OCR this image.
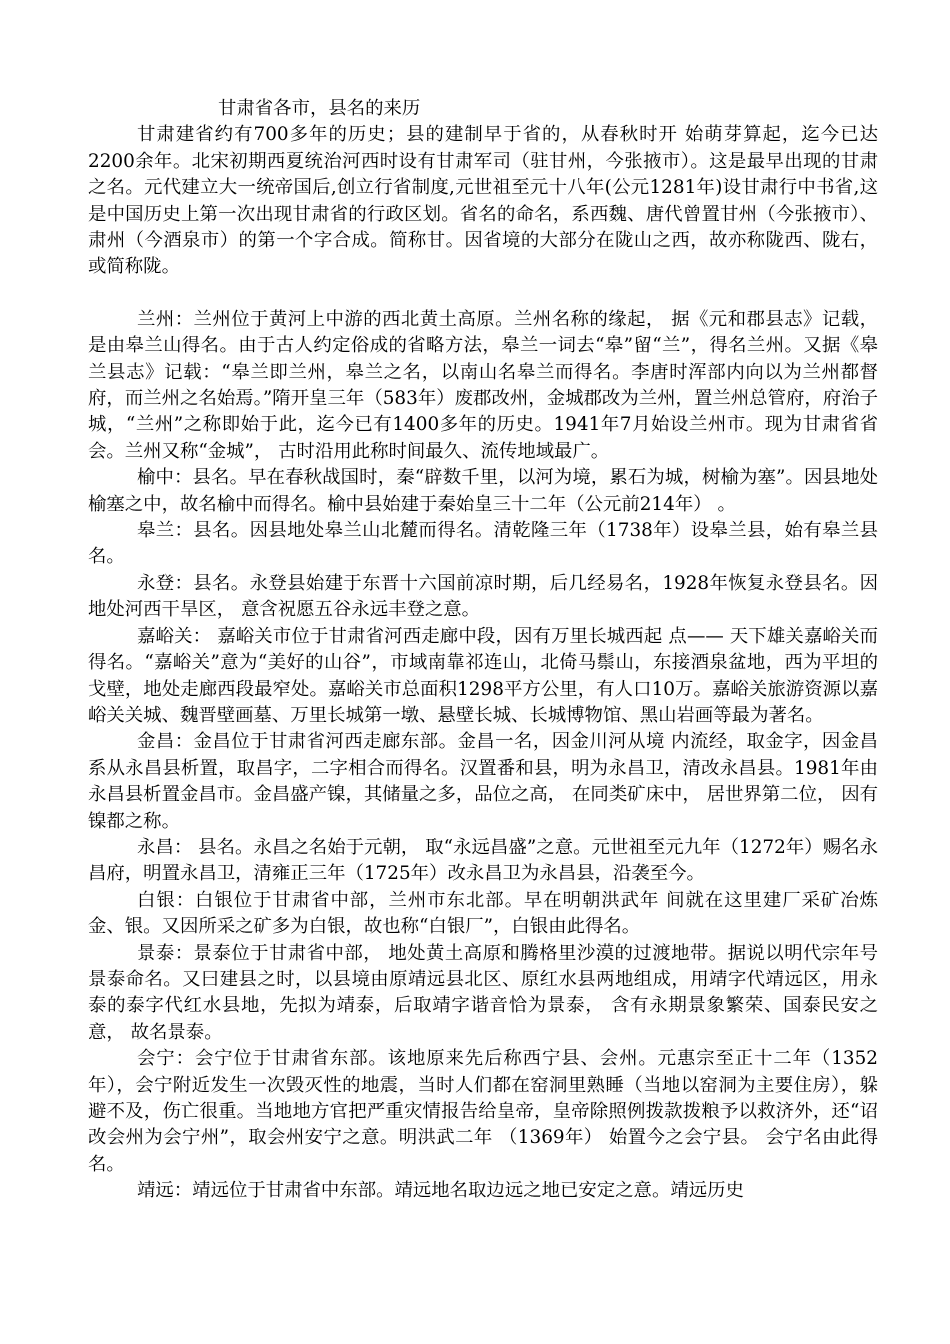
甘肃省各市，县名的来历

甘肃建省约有700多年的历史；县的建制早于省的，从春秋时开 始萌芽算起，迄今已达2200余年。北宋初期西夏统治河西时设有甘肃军司（驻甘州，今张掖市）。这是最早出现的甘肃之名。元代建立大一统帝国后,创立行省制度,元世祖至元十八年(公元1281年)设甘肃行中书省,这是中国历史上第一次出现甘肃省的行政区划。省名的命名，系西魏、唐代曾置甘州（今张掖市）、肃州（今酒泉市）的第一个字合成。简称甘。因省境的大部分在陇山之西，故亦称陇西、陇右，或简称陇。

兰州：兰州位于黄河上中游的西北黄土高原。兰州名称的缘起， 据《元和郡县志》记载，是由皋兰山得名。由于古人约定俗成的省略方法，皋兰一词去“皋”留“兰”，得名兰州。又据《皋兰县志》记载：“皋兰即兰州，皋兰之名，以南山名皋兰而得名。李唐时浑部内向以为兰州都督府，而兰州之名始焉。”隋开皇三年（583年）废郡改州，金城郡改为兰州，置兰州总管府，府治子城，“兰州”之称即始于此，迄今已有1400多年的历史。1941年7月始设兰州市。现为甘肃省省会。兰州又称“金城”， 古时沿用此称时间最久、流传地域最广。

榆中：县名。早在春秋战国时，秦“辟数千里，以河为境，累石为城，树榆为塞”。因县地处榆塞之中，故名榆中而得名。榆中县始建于秦始皇三十二年（公元前214年） 。

皋兰：县名。因县地处皋兰山北麓而得名。清乾隆三年（1738年）设皋兰县，始有皋兰县名。

永登：县名。永登县始建于东晋十六国前凉时期，后几经易名，1928年恢复永登县名。因地处河西干旱区， 意含祝愿五谷永远丰登之意。

嘉峪关： 嘉峪关市位于甘肃省河西走廊中段，因有万里长城西起 点—— 天下雄关嘉峪关而得名。“嘉峪关”意为“美好的山谷”，市域南靠祁连山，北倚马鬃山，东接酒泉盆地，西为平坦的戈壁，地处走廊西段最窄处。嘉峪关市总面积1298平方公里，有人口10万。嘉峪关旅游资源以嘉峪关关城、魏晋壁画墓、万里长城第一墩、悬壁长城、长城博物馆、黑山岩画等最为著名。

金昌：金昌位于甘肃省河西走廊东部。金昌一名，因金川河从境 内流经，取金字，因金昌系从永昌县析置，取昌字，二字相合而得名。汉置番和县，明为永昌卫，清改永昌县。1981年由永昌县析置金昌市。金昌盛产镍，其储量之多，品位之高， 在同类矿床中， 居世界第二位， 因有镍都之称。

永昌： 县名。永昌之名始于元朝， 取“永远昌盛”之意。元世祖至元九年（1272年）赐名永昌府，明置永昌卫，清雍正三年（1725年）改永昌卫为永昌县，沿袭至今。

白银：白银位于甘肃省中部，兰州市东北部。早在明朝洪武年 间就在这里建厂采矿冶炼金、银。又因所采之矿多为白银，故也称“白银厂”，白银由此得名。

景泰：景泰位于甘肃省中部， 地处黄土高原和腾格里沙漠的过渡地带。据说以明代宗年号景泰命名。又曰建县之时，以县境由原靖远县北区、原红水县两地组成，用靖字代靖远区，用永泰的泰字代红水县地，先拟为靖泰，后取靖字谐音恰为景泰， 含有永期景象繁荣、国泰民安之意， 故名景泰。

会宁：会宁位于甘肃省东部。该地原来先后称西宁县、会州。元惠宗至正十二年（1352年），会宁附近发生一次毁灭性的地震，当时人们都在窑洞里熟睡（当地以窑洞为主要住房），躲避不及，伤亡很重。当地地方官把严重灾情报告给皇帝，皇帝除照例拨款拨粮予以救济外，还“诏改会州为会宁州”，取会州安宁之意。明洪武二年 （1369年） 始置今之会宁县。 会宁名由此得名。

靖远：靖远位于甘肃省中东部。靖远地名取边远之地已安定之意。靖远历史
